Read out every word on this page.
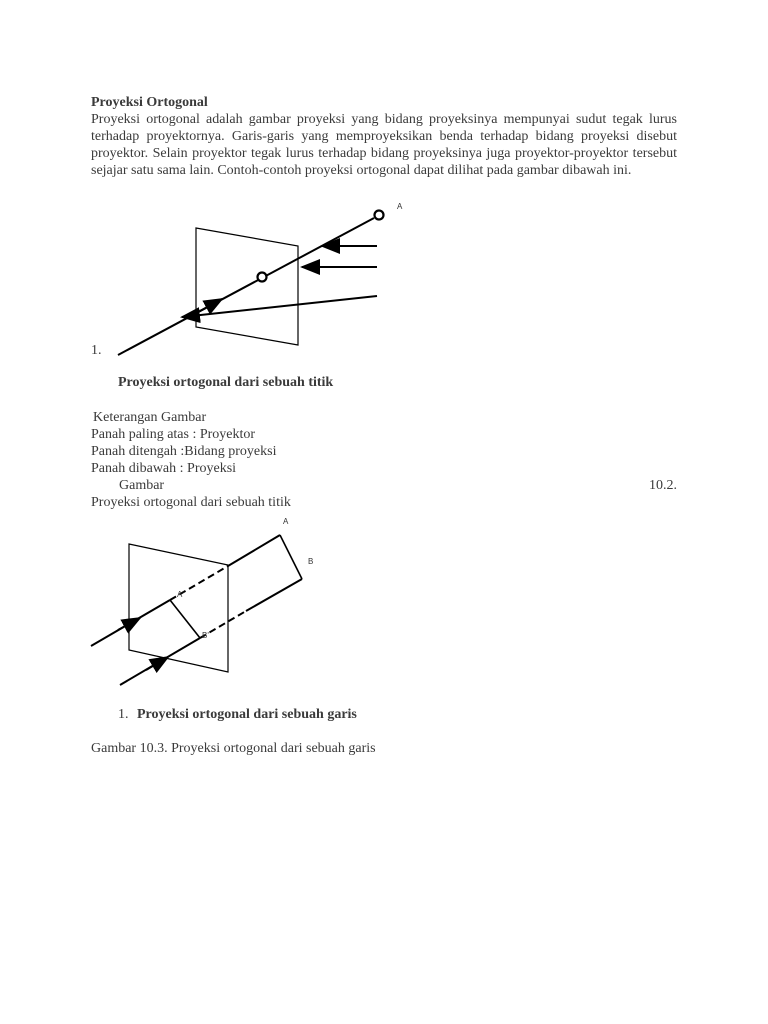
Proyeksi Ortogonal
Proyeksi ortogonal adalah gambar proyeksi yang bidang proyeksinya mempunyai sudut tegak lurus
terhadap proyektornya. Garis-garis yang memproyeksikan benda terhadap bidang proyeksi disebut
proyektor. Selain proyektor tegak lurus terhadap bidang proyeksinya juga proyektor-proyektor tersebut
sejajar satu sama lain. Contoh-contoh proyeksi ortogonal dapat dilihat pada gambar dibawah ini.
A
1.
Proyeksi ortogonal dari sebuah titik
Keterangan Gambar
Panah paling atas : Proyektor
Panah ditengah :Bidang proyeksi
Panah dibawah : Proyeksi
Gambar	10.2.
Proyeksi ortogonal dari sebuah titik
A
B
A'
B'
1. Proyeksi ortogonal dari sebuah garis
Gambar 10.3. Proyeksi ortogonal dari sebuah garis
